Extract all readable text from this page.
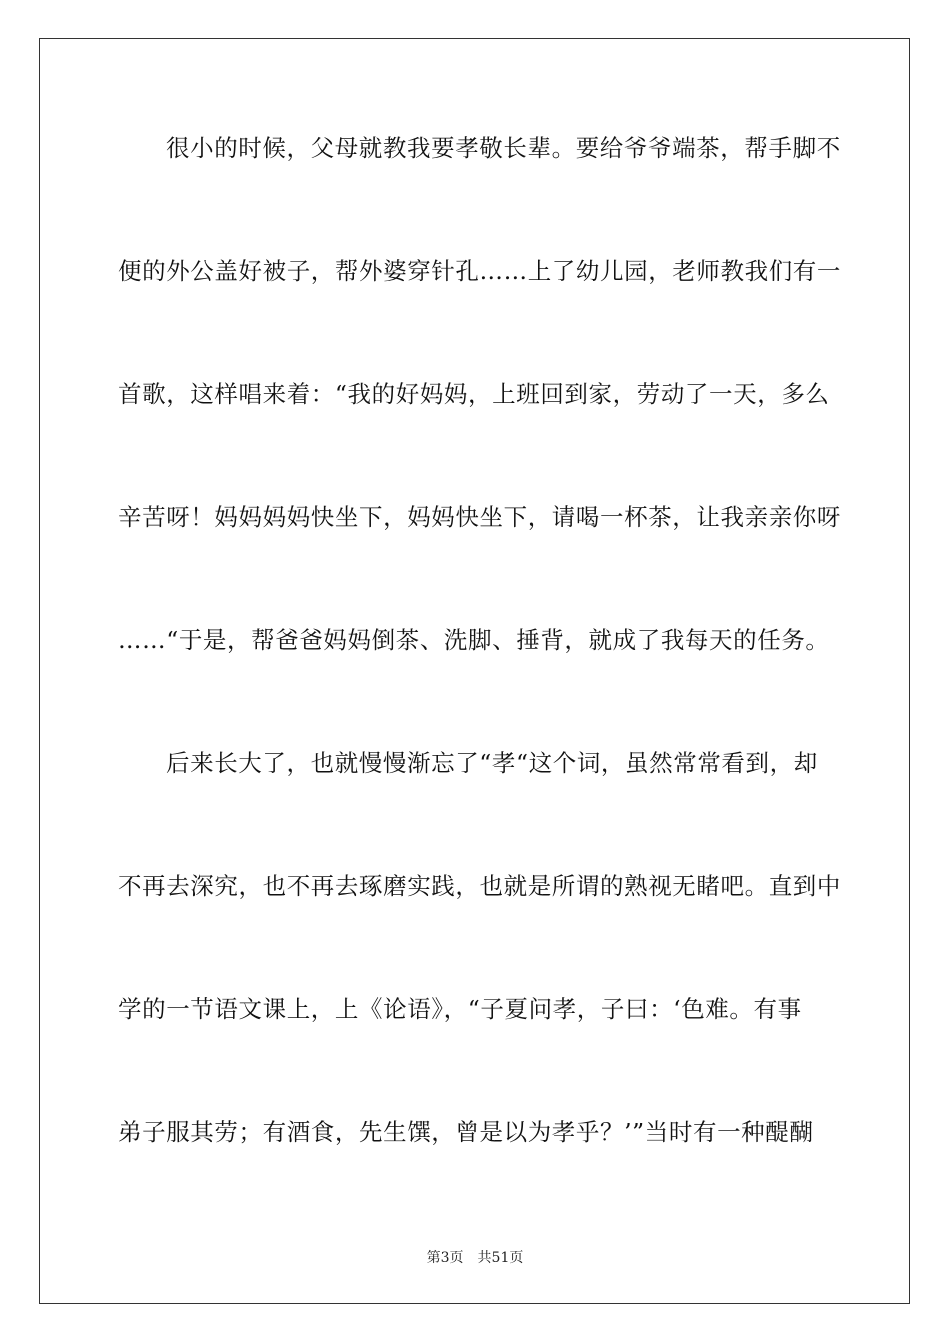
很小的时候，父母就教我要孝敬长辈。要给爷爷端茶，帮手脚不
便的外公盖好被子，帮外婆穿针孔……上了幼儿园，老师教我们有一
首歌，这样唱来着：“我的好妈妈，上班回到家，劳动了一天，多么
辛苦呀！妈妈妈妈快坐下，妈妈快坐下，请喝一杯茶，让我亲亲你呀
……“于是，帮爸爸妈妈倒茶、洗脚、捶背，就成了我每天的任务。
后来长大了，也就慢慢渐忘了“孝“这个词，虽然常常看到，却
不再去深究，也不再去琢磨实践，也就是所谓的熟视无睹吧。直到中
学的一节语文课上，上《论语》，“子夏问孝，子曰：‘色难。有事
弟子服其劳；有酒食，先生馔，曾是以为孝乎？’”当时有一种醍醐
第3页 共51页
